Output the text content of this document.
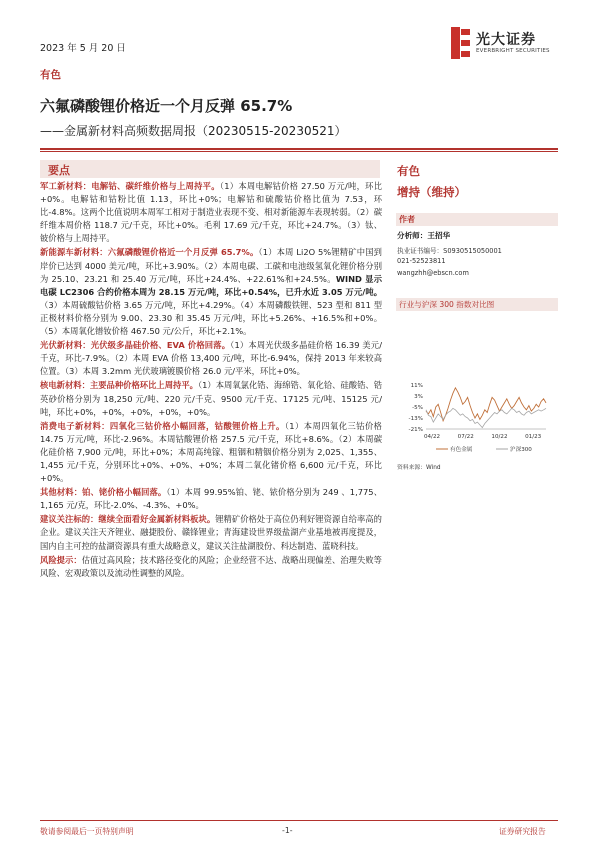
2023 年 5 月 20 日
光大证券
EVERBRIGHT SECURITIES
有色
六氟磷酸锂价格近一个月反弹 65.7%
——金属新材料高频数据周报（20230515-20230521）
要点

军工新材料：电解钴、碳纤维价格与上周持平。（1）本周电解钴价格 27.50 万元/吨，环比+0%。电解钴和钴粉比值 1.13，环比+0%；电解钴和硫酸钴价格比值为 7.53，环比-4.8%。这两个比值说明本周军工相对于制造业表现不变、相对新能源车表现转弱。（2）碳纤维本周价格 118.7 元/千克，环比+0%。毛利 17.69 元/千克，环比+24.7%。（3）钛、铍价格与上周持平。

新能源车新材料：六氟磷酸锂价格近一个月反弹 65.7%。（1）本周 Li2O 5%锂精矿中国到岸价已达到 4000 美元/吨，环比+3.90%。（2）本周电碳、工碳和电池级氢氧化锂价格分别为 25.10、23.21 和 25.40 万元/吨，环比+24.4%、+22.61%和+24.5%。WIND 显示电碳 LC2306 合约价格本周为 28.15 万元/吨，环比+0.54%，已升水近 3.05 万元/吨。（3）本周硫酸钴价格 3.65 万元/吨，环比+4.29%。（4）本周磷酸铁锂、523 型和 811 型正极材料价格分别为 9.00、23.30 和 35.45 万元/吨，环比+5.26%、+16.5%和+0%。（5）本周氧化镨钕价格 467.50 元/公斤，环比+2.1%。

光伏新材料：光伏级多晶硅价格、EVA 价格回落。（1）本周光伏级多晶硅价格 16.39 美元/千克，环比-7.9%。（2）本周 EVA 价格 13,400 元/吨，环比-6.94%，保持 2013 年来较高位置。（3）本周 3.2mm 光伏玻璃镀膜价格 26.0 元/平米，环比+0%。

核电新材料：主要品种价格环比上周持平。（1）本周氧氯化锆、海绵锆、氧化铪、硅酸锆、锆英砂价格分别为 18,250 元/吨、220 元/千克、9500 元/千克、17125 元/吨、15125 元/吨，环比+0%，+0%，+0%，+0%，+0%。

消费电子新材料：四氧化三钴价格小幅回落，钴酸锂价格上升。（1）本周四氧化三钴价格 14.75 万元/吨，环比-2.96%。本周钴酸锂价格 257.5 元/千克，环比+8.6%。（2）本周碳化硅价格 7,900 元/吨，环比+0%；本周高纯镓、粗铟和精铟价格分别为 2,025、1,355、1,455 元/千克，分别环比+0%、+0%、+0%；本周二氧化锗价格 6,600 元/千克，环比+0%。

其他材料：铂、铑价格小幅回落。（1）本周 99.95%铂、铑、铱价格分别为 249 、1,775、1,165 元/克，环比-2.0%、-4.3%、+0%。

建议关注标的：继续全面看好金属新材料板块。锂精矿价格处于高位仍利好锂资源自给率高的企业。建议关注天齐锂业、融捷股份、赣锋锂业；青海建设世界级盐湖产业基地被再度提及，国内自主可控的盐湖资源具有重大战略意义，建议关注盐湖股份、科达制造、蓝晓科技。

风险提示：估值过高风险；技术路径变化的风险；企业经营不达、战略出现偏差、治理失败等风险、宏观政策以及流动性调整的风险。

有色
增持（维持）
作者
分析师：王招华
执业证书编号：S0930515050001
021-52523811
wangzhh@ebscn.com
行业与沪深 300 指数对比图
11%
3%
-5%
-13%
-21%
04/22	07/22	10/22	01/23
有色金属	沪深300
资料来源：Wind
敬请参阅最后一页特别声明	-1-	证券研究报告
